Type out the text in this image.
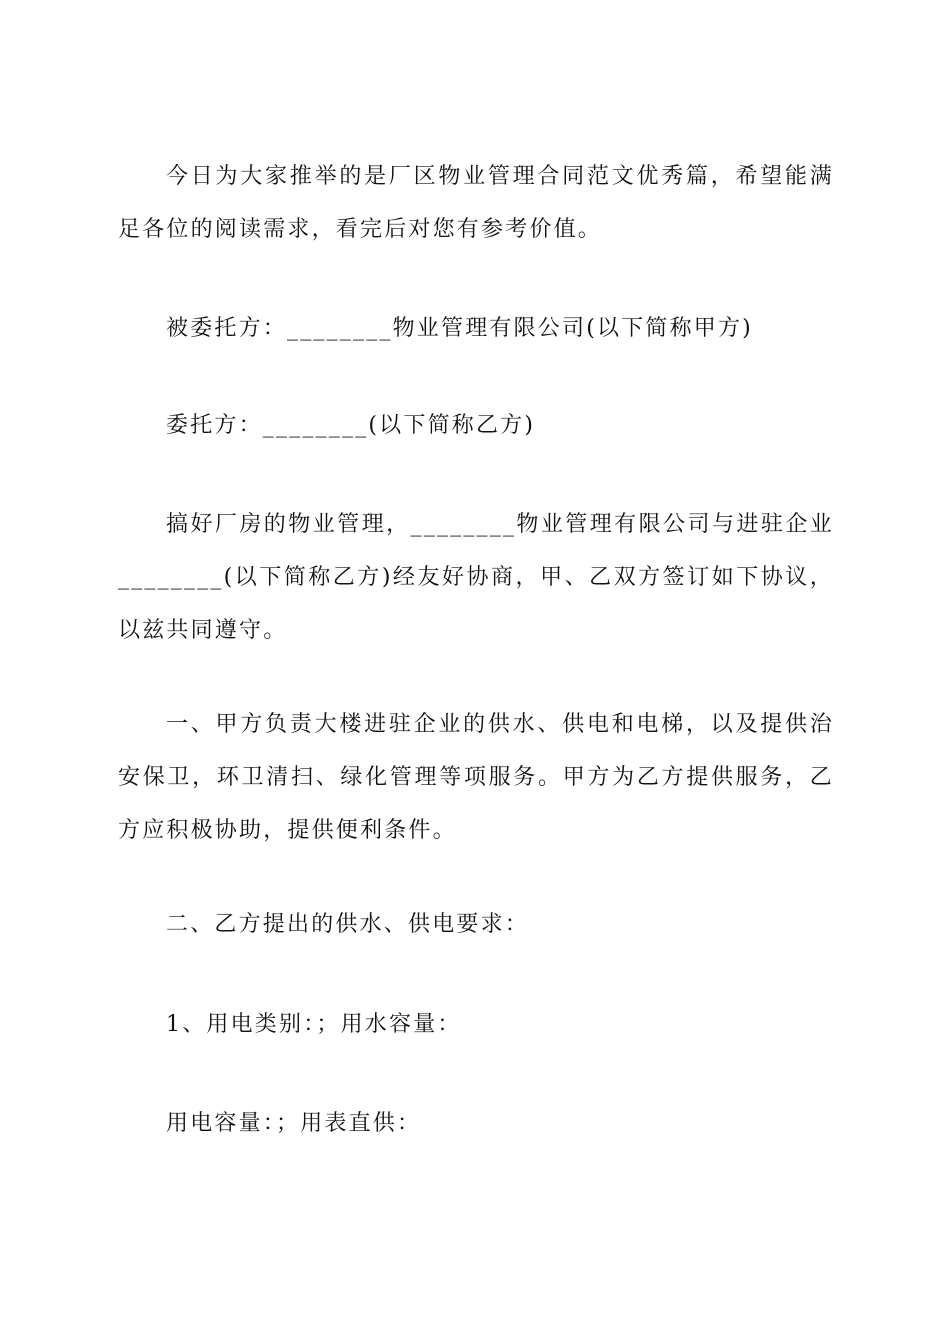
今日为大家推举的是厂区物业管理合同范文优秀篇，希望能满足各位的阅读需求，看完后对您有参考价值。

被委托方：________物业管理有限公司(以下简称甲方)

委托方：________(以下简称乙方)

搞好厂房的物业管理，________物业管理有限公司与进驻企业________(以下简称乙方)经友好协商，甲、乙双方签订如下协议，以兹共同遵守。

一、甲方负责大楼进驻企业的供水、供电和电梯，以及提供治安保卫，环卫清扫、绿化管理等项服务。甲方为乙方提供服务，乙方应积极协助，提供便利条件。

二、乙方提出的供水、供电要求：

1、用电类别：；用水容量：

用电容量：；用表直供：
